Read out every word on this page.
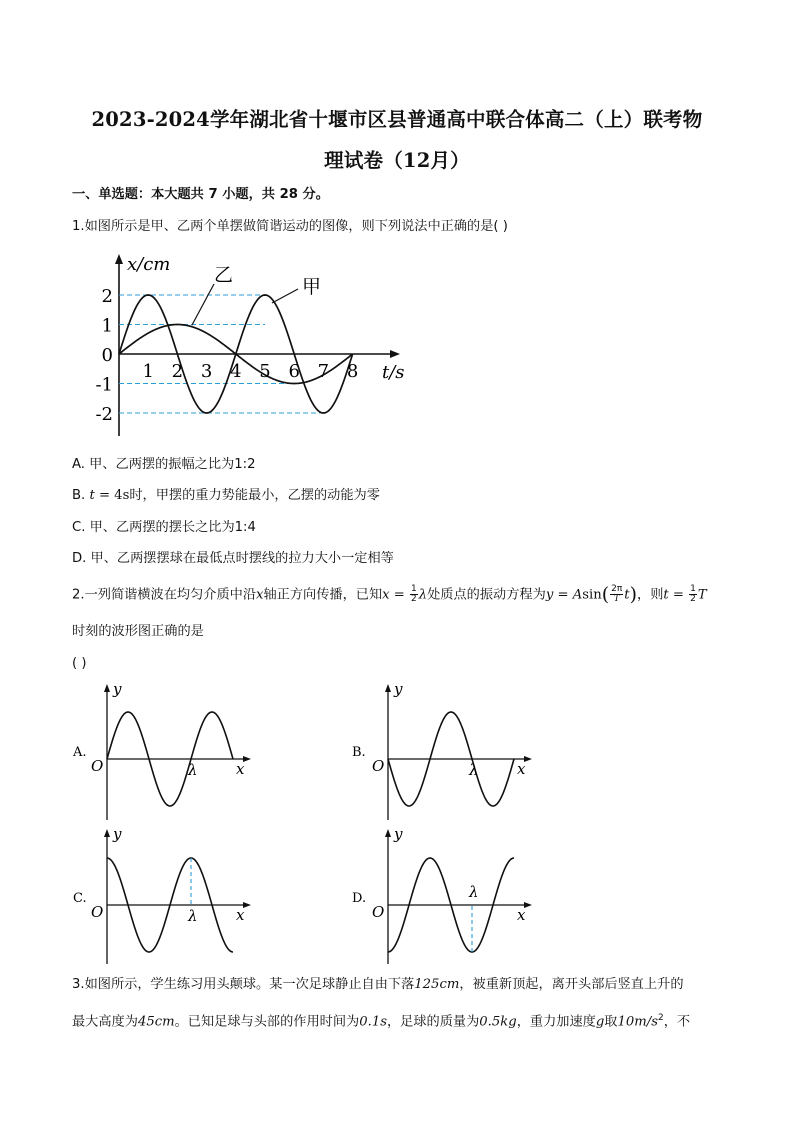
2023-2024学年湖北省十堰市区县普通高中联合体高二（上）联考物
理试卷（12月）
一、单选题：本大题共 7 小题，共 28 分。
1.如图所示是甲、乙两个单摆做简谐运动的图像，则下列说法中正确的是( )
乙
甲
1 2 3 4 5 6 7 8
2
1
-1
-2
0
x/cm
t/s
A. 甲、乙两摆的振幅之比为1:2
B. t = 4s时，甲摆的重力势能最小，乙摆的动能为零
C. 甲、乙两摆的摆长之比为1:4
D. 甲、乙两摆摆球在最低点时摆线的拉力大小一定相等
2.一列简谐横波在均匀介质中沿x轴正方向传播，已知$x = \frac{1}{2}$ λ处质点的振动方程为$y = Asin( \frac{2\pi}{T} t)$，则$t = \frac{1}{2}$ T
时刻的波形图正确的是
( )
A.
O
y
x
λ
B.
O
y
x
λ
C.
O
y
x
λ
D.
O
y
x
λ
3.如图所示，学生练习用头颠球。某一次足球静止自由下落125cm，被重新顶起，离开头部后竖直上升的
最大高度为45cm。已知足球与头部的作用时间为0.1s，足球的质量为0.5kg，重力加速度g取$10m/s^2$，不
